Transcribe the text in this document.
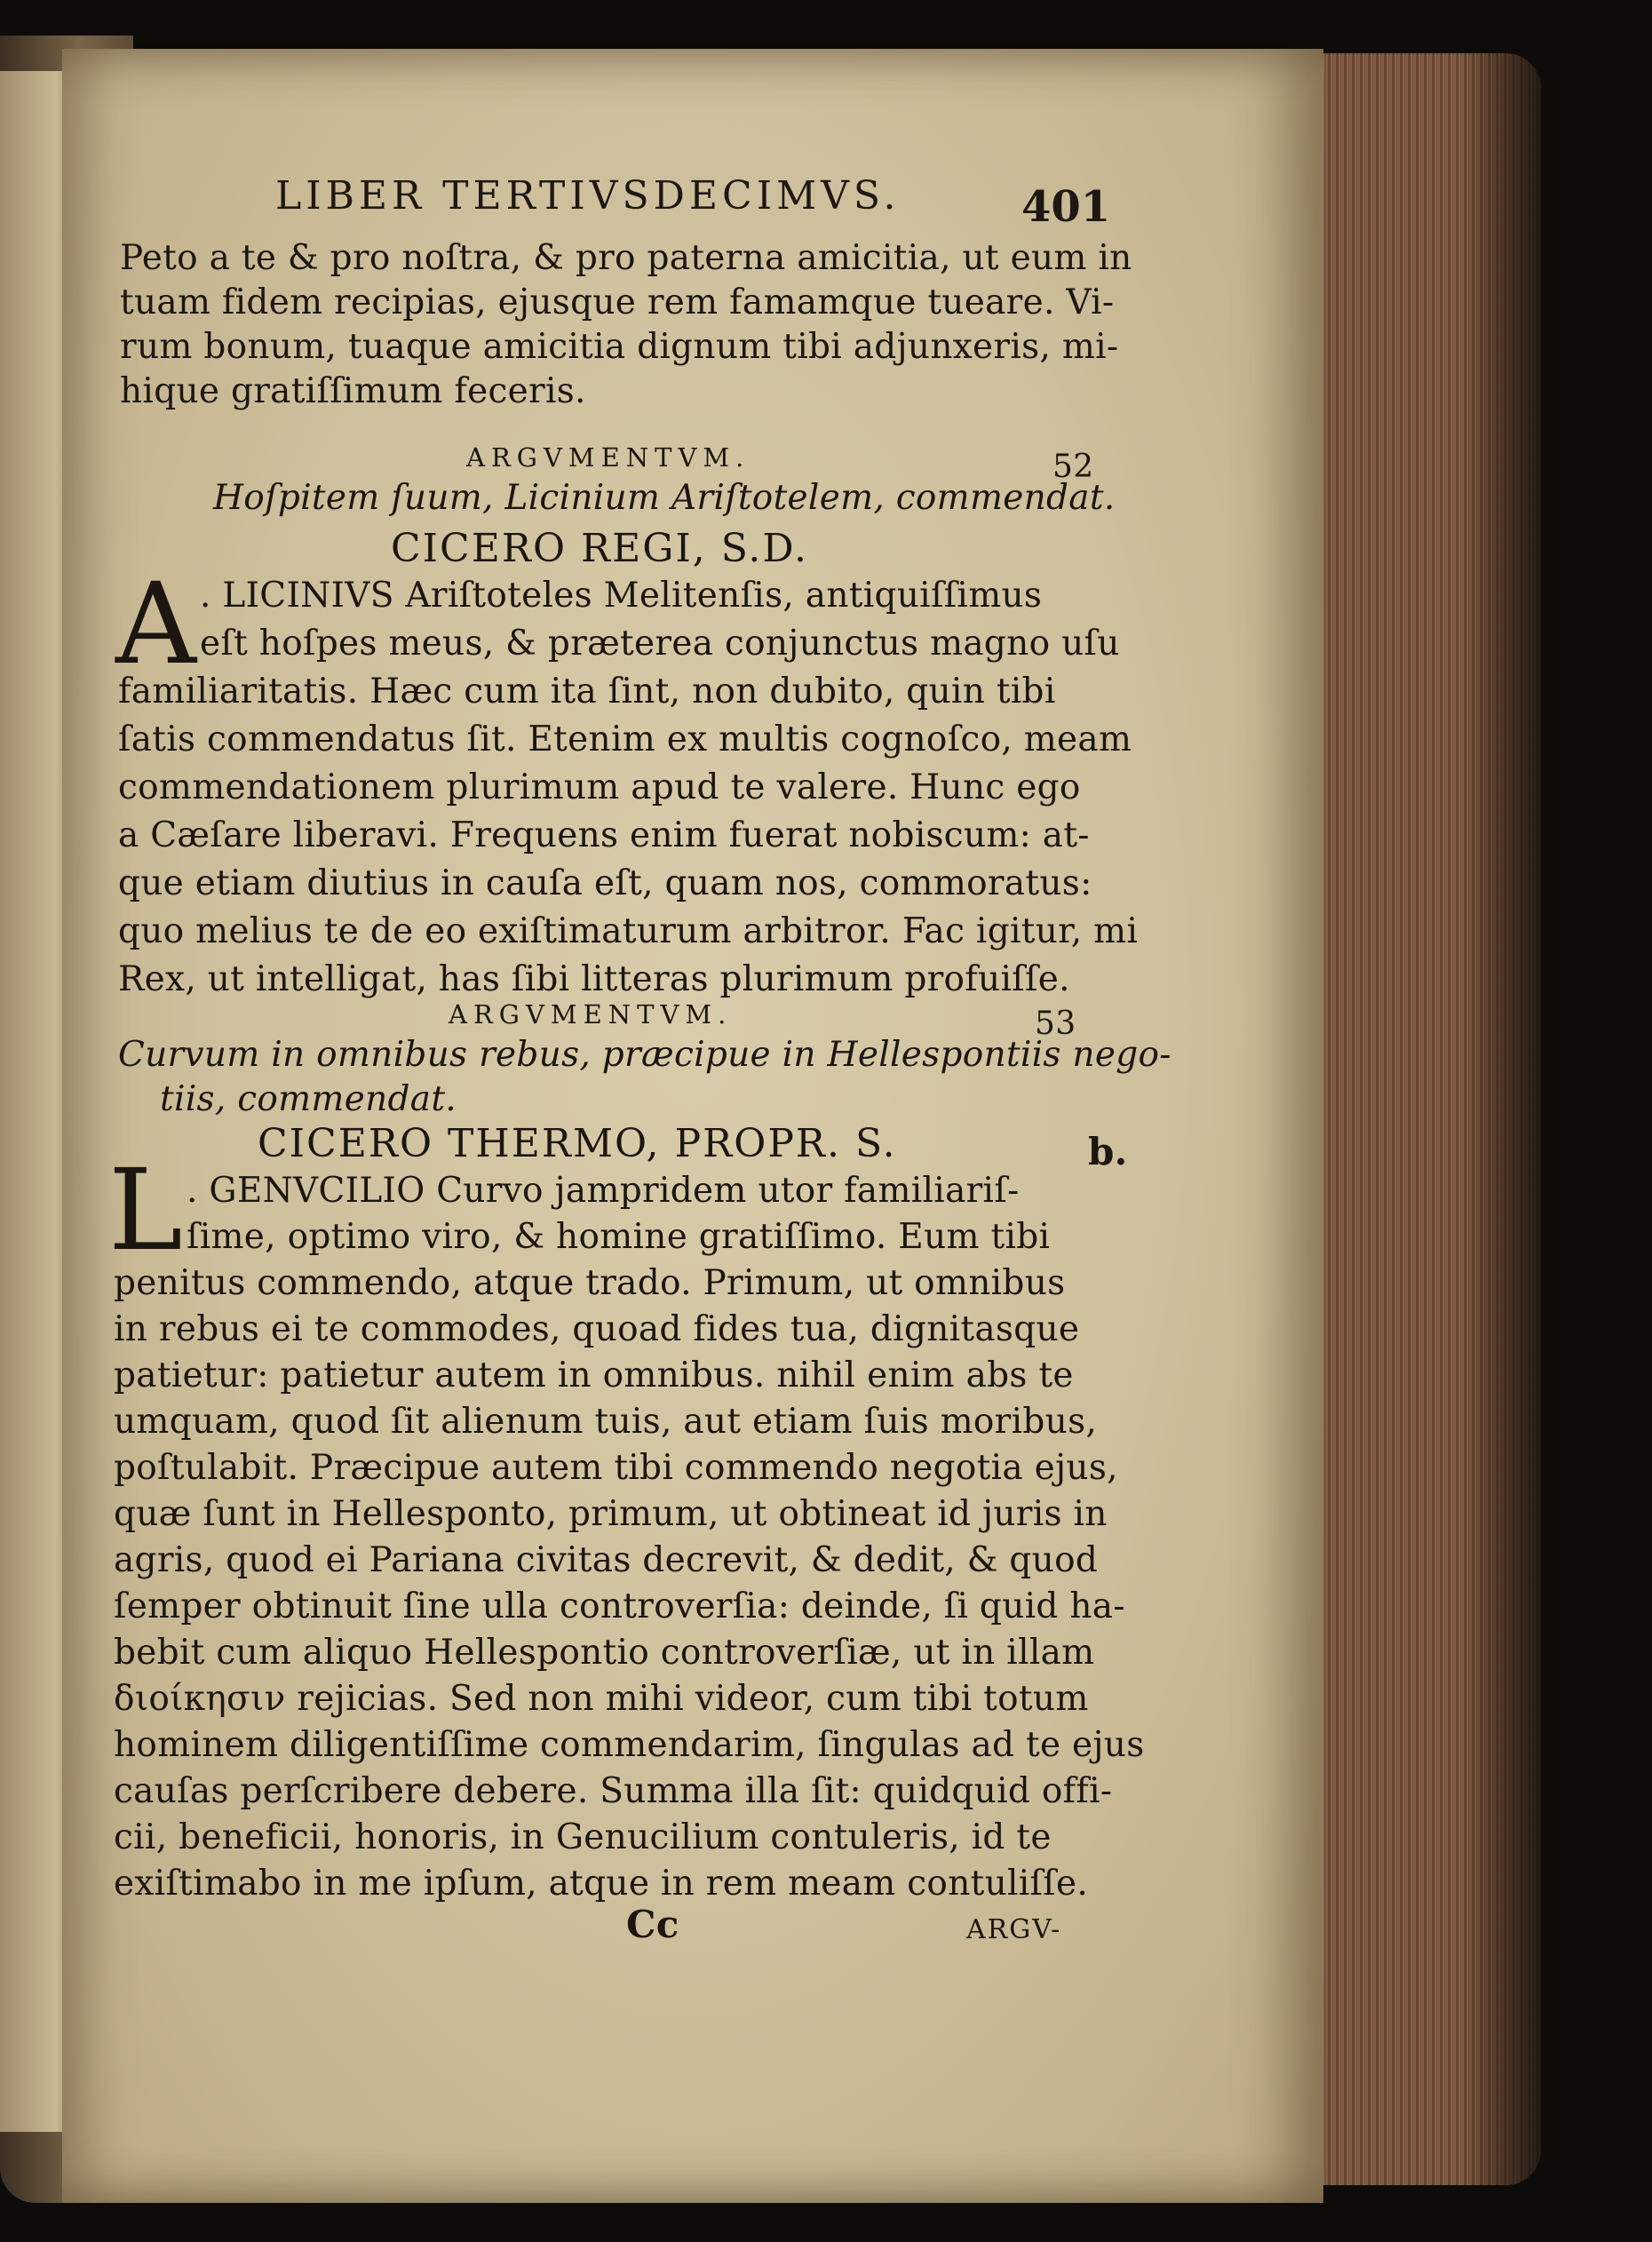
LIBER TERTIVSDECIMVS.	401
Peto a te & pro noſtra, & pro paterna amicitia, ut eum in
tuam fidem recipias, ejusque rem famamque tueare. Vi-
rum bonum, tuaque amicitia dignum tibi adjunxeris, mi-
hique gratiſſimum feceris.
ARGVMENTVM.	52
Hoſpitem ſuum, Licinium Ariſtotelem, commendat.
CICERO REGI, S.D.
A . LICINIVS Ariſtoteles Melitenſis, antiquiſſimus
eſt hoſpes meus, & præterea conjunctus magno uſu
familiaritatis. Hæc cum ita ſint, non dubito, quin tibi
ſatis commendatus ſit. Etenim ex multis cognoſco, meam
commendationem plurimum apud te valere. Hunc ego
a Cæſare liberavi. Frequens enim fuerat nobiscum: at-
que etiam diutius in cauſa eſt, quam nos, commoratus:
quo melius te de eo exiſtimaturum arbitror. Fac igitur, mi
Rex, ut intelligat, has ſibi litteras plurimum profuiſſe.
ARGVMENTVM.	53
Curvum in omnibus rebus, præcipue in Hellespontiis nego-
tiis, commendat.
CICERO THERMO, PROPR. S.	b.
L . GENVCILIO Curvo jampridem utor familiariſ-
ſime, optimo viro, & homine gratiſſimo. Eum tibi
penitus commendo, atque trado. Primum, ut omnibus
in rebus ei te commodes, quoad fides tua, dignitasque
patietur: patietur autem in omnibus. nihil enim abs te
umquam, quod ſit alienum tuis, aut etiam ſuis moribus,
poſtulabit. Præcipue autem tibi commendo negotia ejus,
quæ ſunt in Hellesponto, primum, ut obtineat id juris in
agris, quod ei Pariana civitas decrevit, & dedit, & quod
ſemper obtinuit ſine ulla controverſia: deinde, ſi quid ha-
bebit cum aliquo Hellespontio controverſiæ, ut in illam
διοίκησιν rejicias. Sed non mihi videor, cum tibi totum
hominem diligentiſſime commendarim, ſingulas ad te ejus
cauſas perſcribere debere. Summa illa ſit: quidquid offi-
cii, beneficii, honoris, in Genucilium contuleris, id te
exiſtimabo in me ipſum, atque in rem meam contuliſſe.
Cc	ARGV-
